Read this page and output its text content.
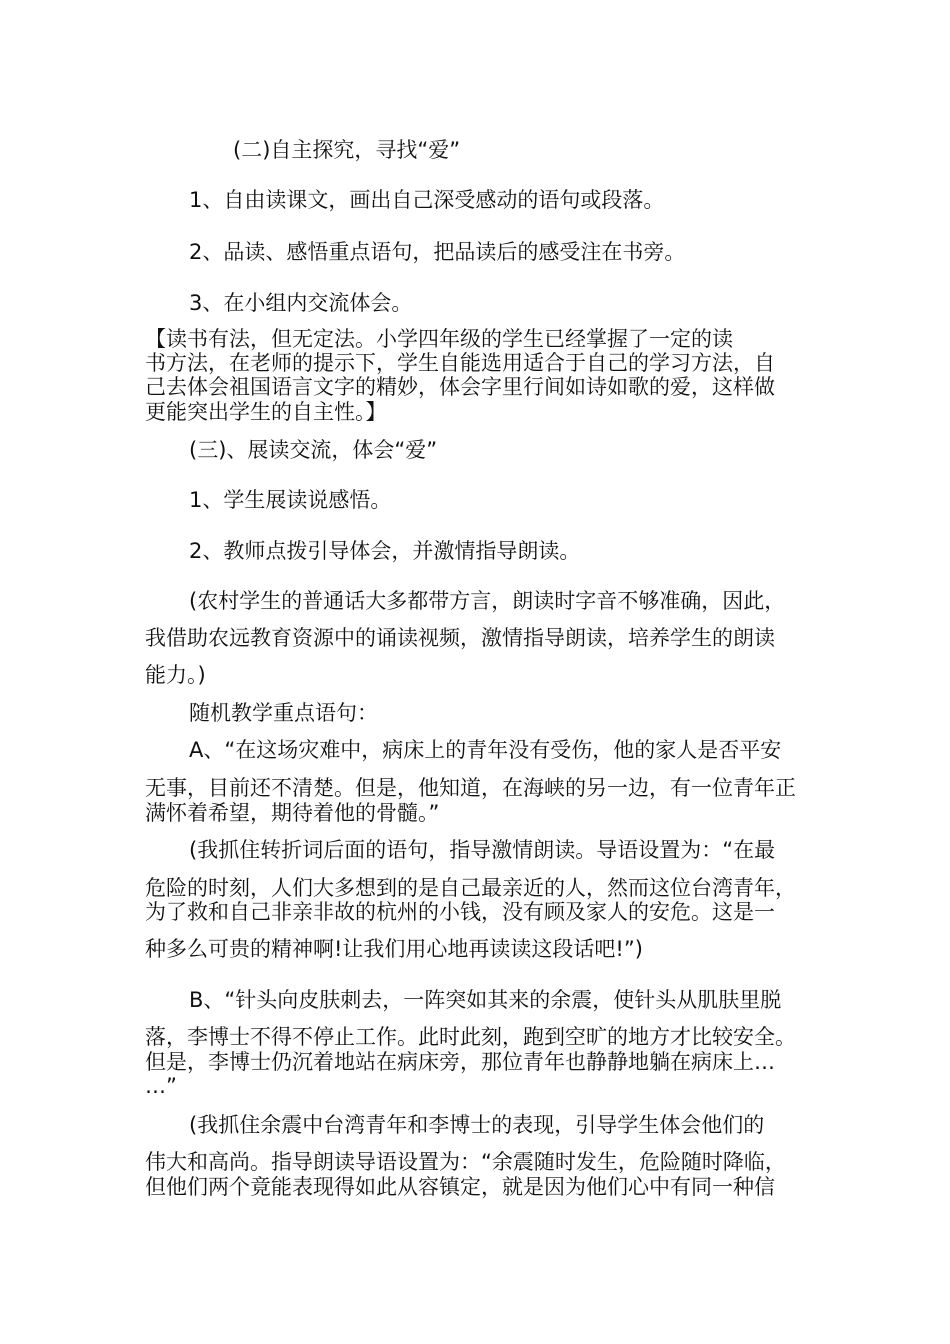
(二)自主探究，寻找“爱”

1、自由读课文，画出自己深受感动的语句或段落。

2、品读、感悟重点语句，把品读后的感受注在书旁。

3、在小组内交流体会。

【读书有法，但无定法。小学四年级的学生已经掌握了一定的读

书方法，在老师的提示下，学生自能选用适合于自己的学习方法，自

己去体会祖国语言文字的精妙，体会字里行间如诗如歌的爱，这样做

更能突出学生的自主性。】

(三)、展读交流，体会“爱”

1、学生展读说感悟。

2、教师点拨引导体会，并激情指导朗读。

(农村学生的普通话大多都带方言，朗读时字音不够准确，因此，

我借助农远教育资源中的诵读视频，激情指导朗读，培养学生的朗读

能力。)

随机教学重点语句：

A、“在这场灾难中，病床上的青年没有受伤，他的家人是否平安

无事，目前还不清楚。但是，他知道，在海峡的另一边，有一位青年正

满怀着希望，期待着他的骨髓。”

(我抓住转折词后面的语句，指导激情朗读。导语设置为：“在最

危险的时刻，人们大多想到的是自己最亲近的人，然而这位台湾青年，

为了救和自己非亲非故的杭州的小钱，没有顾及家人的安危。这是一

种多么可贵的精神啊!让我们用心地再读读这段话吧!”)

B、“针头向皮肤刺去，一阵突如其来的余震，使针头从肌肤里脱

落，李博士不得不停止工作。此时此刻，跑到空旷的地方才比较安全。

但是，李博士仍沉着地站在病床旁，那位青年也静静地躺在病床上…

…”

(我抓住余震中台湾青年和李博士的表现，引导学生体会他们的

伟大和高尚。指导朗读导语设置为：“余震随时发生，危险随时降临，

但他们两个竟能表现得如此从容镇定，就是因为他们心中有同一种信
